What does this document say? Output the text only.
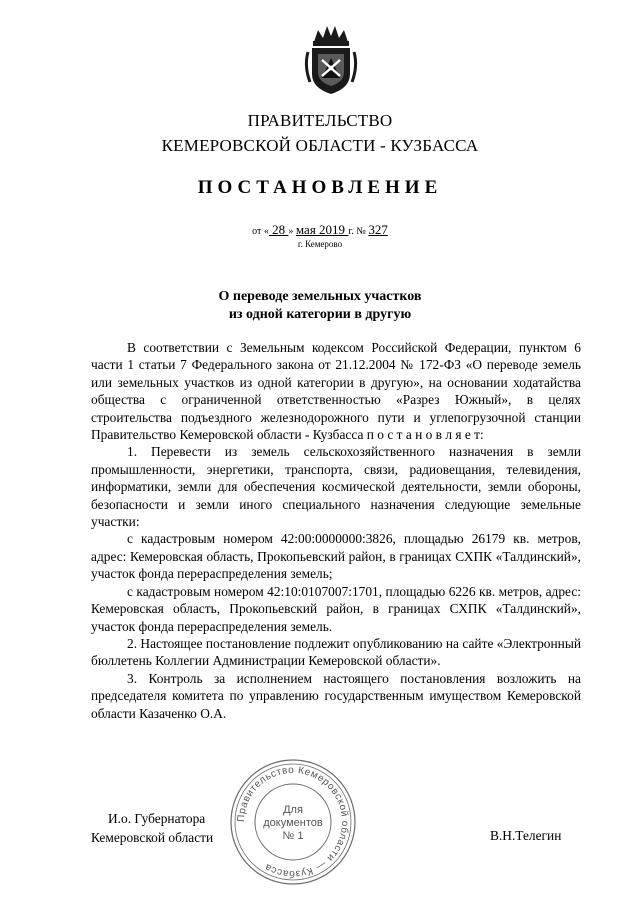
ПРАВИТЕЛЬСТВО
КЕМЕРОВСКОЙ ОБЛАСТИ - КУЗБАССА
ПОСТАНОВЛЕНИЕ
от « 28 » мая 2019 г. № 327
г. Кемерово
О переводе земельных участков
из одной категории в другую

В соответствии с Земельным кодексом Российской Федерации, пунктом 6 части 1 статьи 7 Федерального закона от 21.12.2004 № 172-ФЗ «О переводе земель или земельных участков из одной категории в другую», на основании ходатайства общества с ограниченной ответственностью «Разрез Южный», в целях строительства подъездного железнодорожного пути и углепогрузочной станции Правительство Кемеровской области - Кузбасса п о с т а н о в л я е т:

1. Перевести из земель сельскохозяйственного назначения в земли промышленности, энергетики, транспорта, связи, радиовещания, телевидения, информатики, земли для обеспечения космической деятельности, земли обороны, безопасности и земли иного специального назначения следующие земельные участки:

с кадастровым номером 42:00:0000000:3826, площадью 26179 кв. метров, адрес: Кемеровская область, Прокопьевский район, в границах СХПК «Талдинский», участок фонда перераспределения земель;

с кадастровым номером 42:10:0107007:1701, площадью 6226 кв. метров, адрес: Кемеровская область, Прокопьевский район, в границах СХПК «Талдинский», участок фонда перераспределения земель.

2. Настоящее постановление подлежит опубликованию на сайте «Электронный бюллетень Коллегии Администрации Кемеровской области».

3. Контроль за исполнением настоящего постановления возложить на председателя комитета по управлению государственным имуществом Кемеровской области Казаченко О.А.

И.о. Губернатора
Кемеровской области	В.Н.Телегин
Правительство Кемеровской области — Кузбасса
Для
документов
№ 1
